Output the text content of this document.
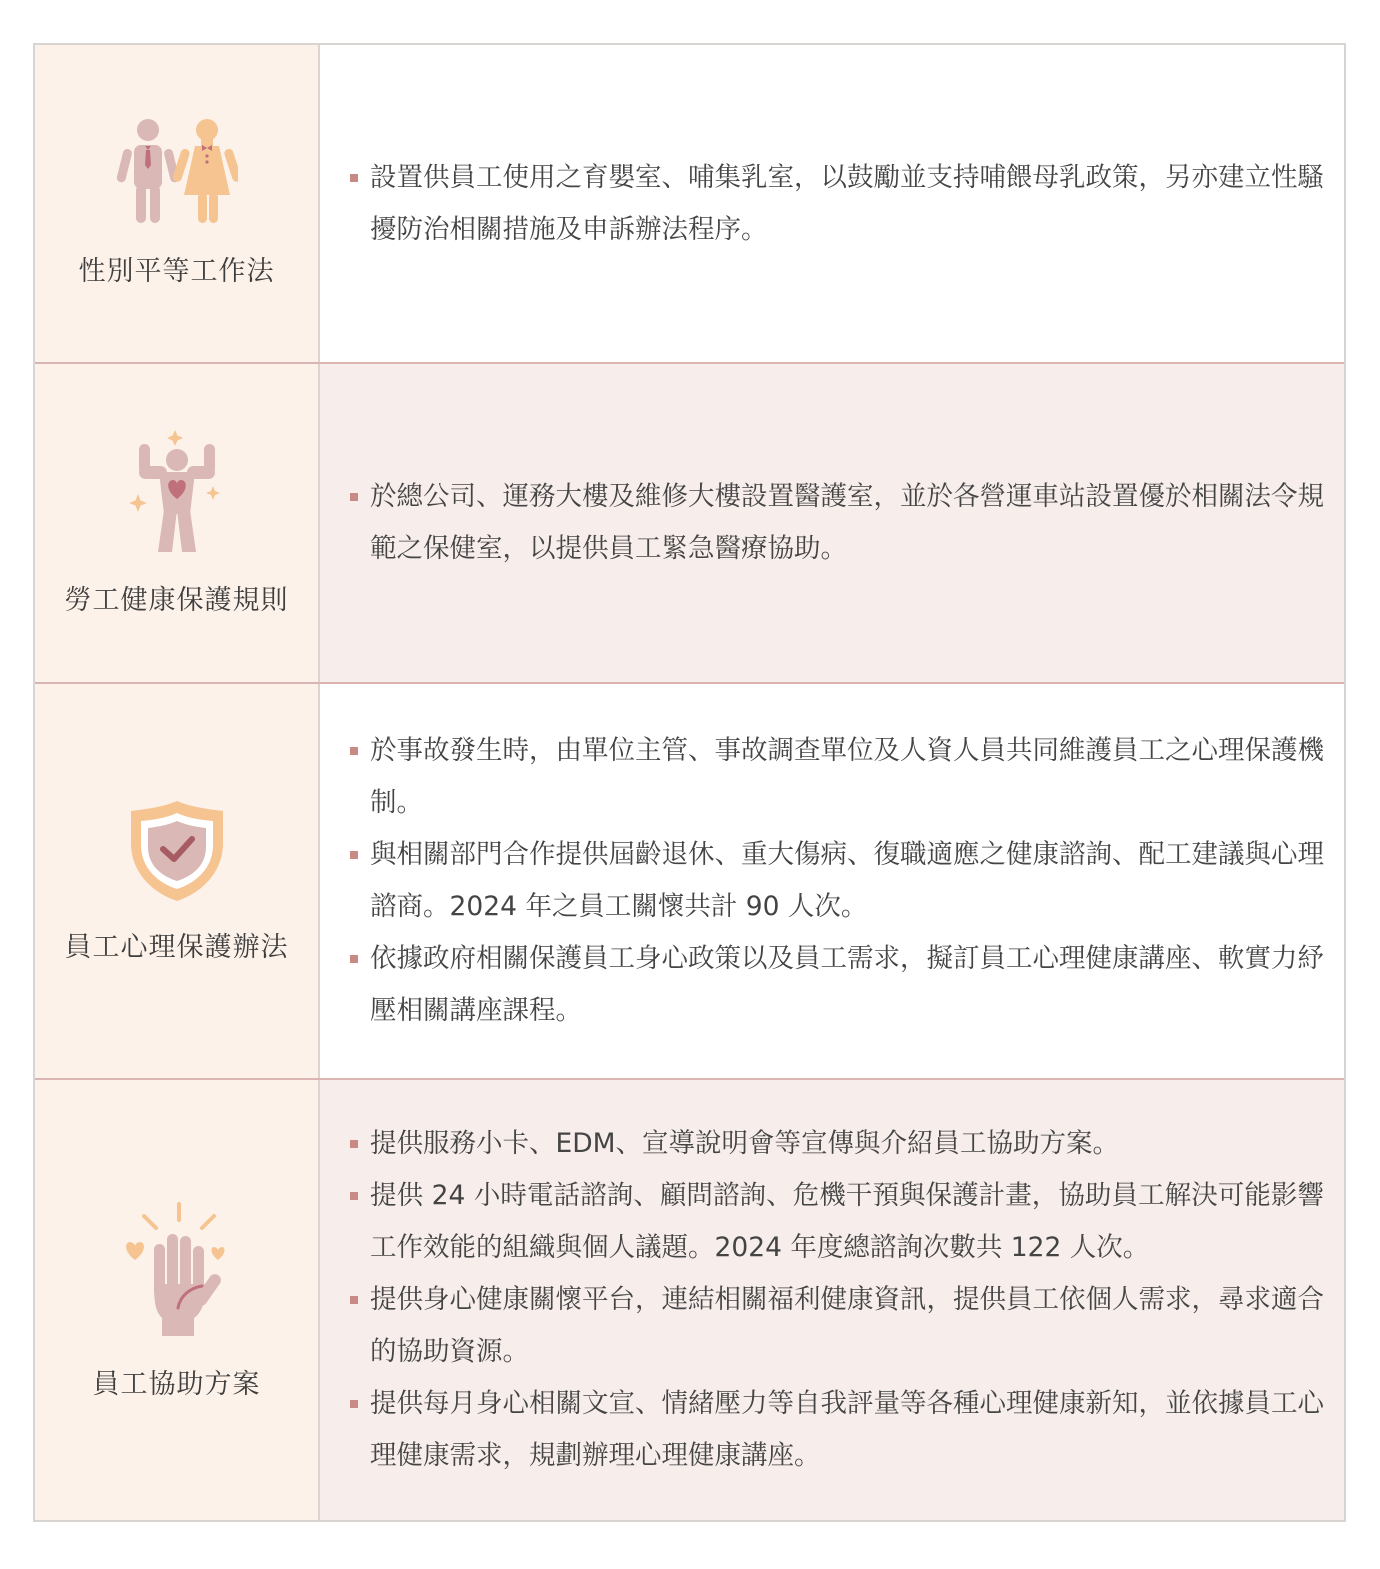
性別平等工作法
設置供員工使用之育嬰室、哺集乳室，以鼓勵並支持哺餵母乳政策，另亦建立性騷擾防治相關措施及申訴辦法程序。
勞工健康保護規則
於總公司、運務大樓及維修大樓設置醫護室，並於各營運車站設置優於相關法令規範之保健室，以提供員工緊急醫療協助。
員工心理保護辦法
於事故發生時，由單位主管、事故調查單位及人資人員共同維護員工之心理保護機制。
與相關部門合作提供屆齡退休、重大傷病、復職適應之健康諮詢、配工建議與心理諮商。2024 年之員工關懷共計 90 人次。
依據政府相關保護員工身心政策以及員工需求，擬訂員工心理健康講座、軟實力紓壓相關講座課程。
員工協助方案
提供服務小卡、EDM、宣導說明會等宣傳與介紹員工協助方案。
提供 24 小時電話諮詢、顧問諮詢、危機干預與保護計畫，協助員工解決可能影響工作效能的組織與個人議題。2024 年度總諮詢次數共 122 人次。
提供身心健康關懷平台，連結相關福利健康資訊，提供員工依個人需求，尋求適合的協助資源。
提供每月身心相關文宣、情緒壓力等自我評量等各種心理健康新知，並依據員工心理健康需求，規劃辦理心理健康講座。
